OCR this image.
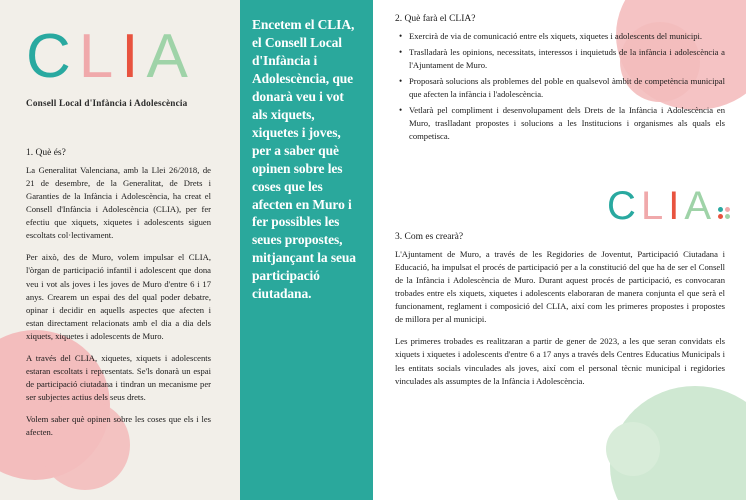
C L I A
Consell Local d'Infància i Adolescència
1. Què és?

La Generalitat Valenciana, amb la Llei 26/2018, de 21 de desembre, de la Generalitat, de Drets i Garanties de la Infància i Adolescència, ha creat el Consell d'Infància i Adolescència (CLIA), per fer efectiu que xiquets, xiquetes i adolescents siguen escoltats col·lectivament.

Per això, des de Muro, volem impulsar el CLIA, l'òrgan de participació infantil i adolescent que dona veu i vot als joves i les joves de Muro d'entre 6 i 17 anys. Crearem un espai des del qual poder debatre, opinar i decidir en aquells aspectes que afecten i estan directament relacionats amb el dia a dia dels xiquets, xiquetes i adolescents de Muro.

A través del CLIA, xiquetes, xiquets i adolescents estaran escoltats i representats. Se'ls donarà un espai de participació ciutadana i tindran un mecanisme per ser subjectes actius dels seus drets.

Volem saber què opinen sobre les coses que els i les afecten.

Encetem el CLIA, el Consell Local d'Infància i Adolescència, que donarà veu i vot als xiquets, xiquetes i joves, per a saber què opinen sobre les coses que les afecten en Muro i fer possibles les seues propostes, mitjançant la seua participació ciutadana.
2. Què farà el CLIA?
• Exercirà de via de comunicació entre els xiquets, xiquetes i adolescents del municipi.
• Traslladarà les opinions, necessitats, interessos i inquietuds de la infància i adolescència a l'Ajuntament de Muro.
• Proposarà solucions als problemes del poble en qualsevol àmbit de competència municipal que afecten la infància i l'adolescència.
• Vetlarà pel compliment i desenvolupament dels Drets de la Infància i Adolescència en Muro, traslladant propostes i solucions a les Institucions i organismes als quals els competisca.
C L I A
3. Com es crearà?

L'Ajuntament de Muro, a través de les Regidories de Joventut, Participació Ciutadana i Educació, ha impulsat el procés de participació per a la constitució del que ha de ser el Consell de la Infància i Adolescència de Muro. Durant aquest procés de participació, es convocaran trobades entre els xiquets, xiquetes i adolescents elaboraran de manera conjunta el que serà el funcionament, reglament i composició del CLIA, així com les primeres propostes i propostes de millora per al municipi.

Les primeres trobades es realitzaran a partir de gener de 2023, a les que seran convidats els xiquets i xiquetes i adolescents d'entre 6 a 17 anys a través dels Centres Educatius Municipals i les entitats socials vinculades als joves, així com el personal tècnic municipal i regidories vinculades als assumptes de la Infància i Adolescència.
